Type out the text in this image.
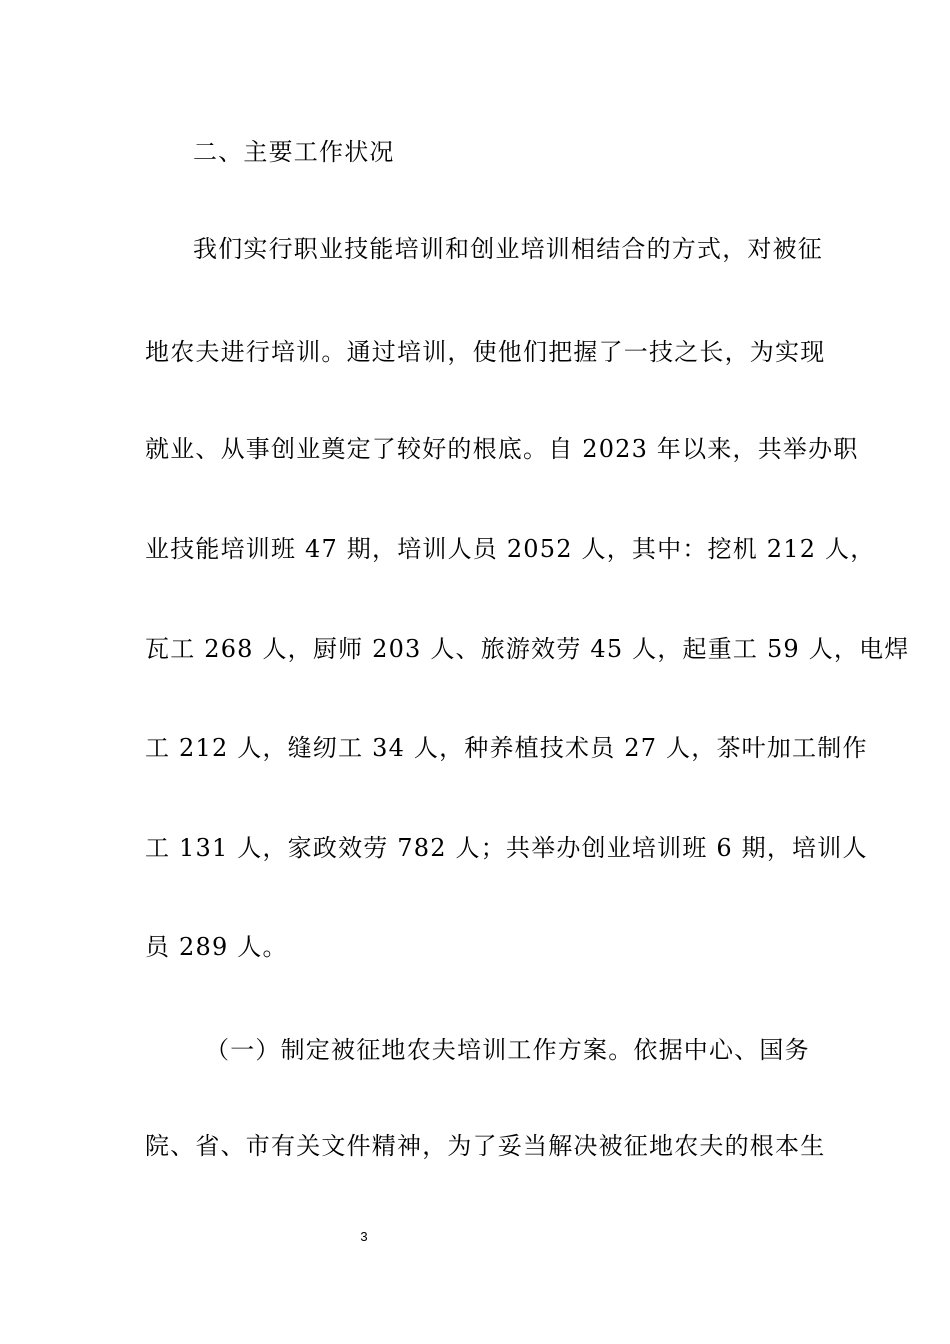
二、主要工作状况
我们实行职业技能培训和创业培训相结合的方式，对被征
地农夫进行培训。通过培训，使他们把握了一技之长，为实现
就业、从事创业奠定了较好的根底。自 2023 年以来，共举办职
业技能培训班 47 期，培训人员 2052 人，其中：挖机 212 人，
瓦工 268 人，厨师 203 人、旅游效劳 45 人，起重工 59 人，电焊
工 212 人，缝纫工 34 人，种养植技术员 27 人，茶叶加工制作
工 131 人，家政效劳 782 人；共举办创业培训班 6 期，培训人
员 289 人。
（一）制定被征地农夫培训工作方案。依据中心、国务
院、省、市有关文件精神，为了妥当解决被征地农夫的根本生
3
